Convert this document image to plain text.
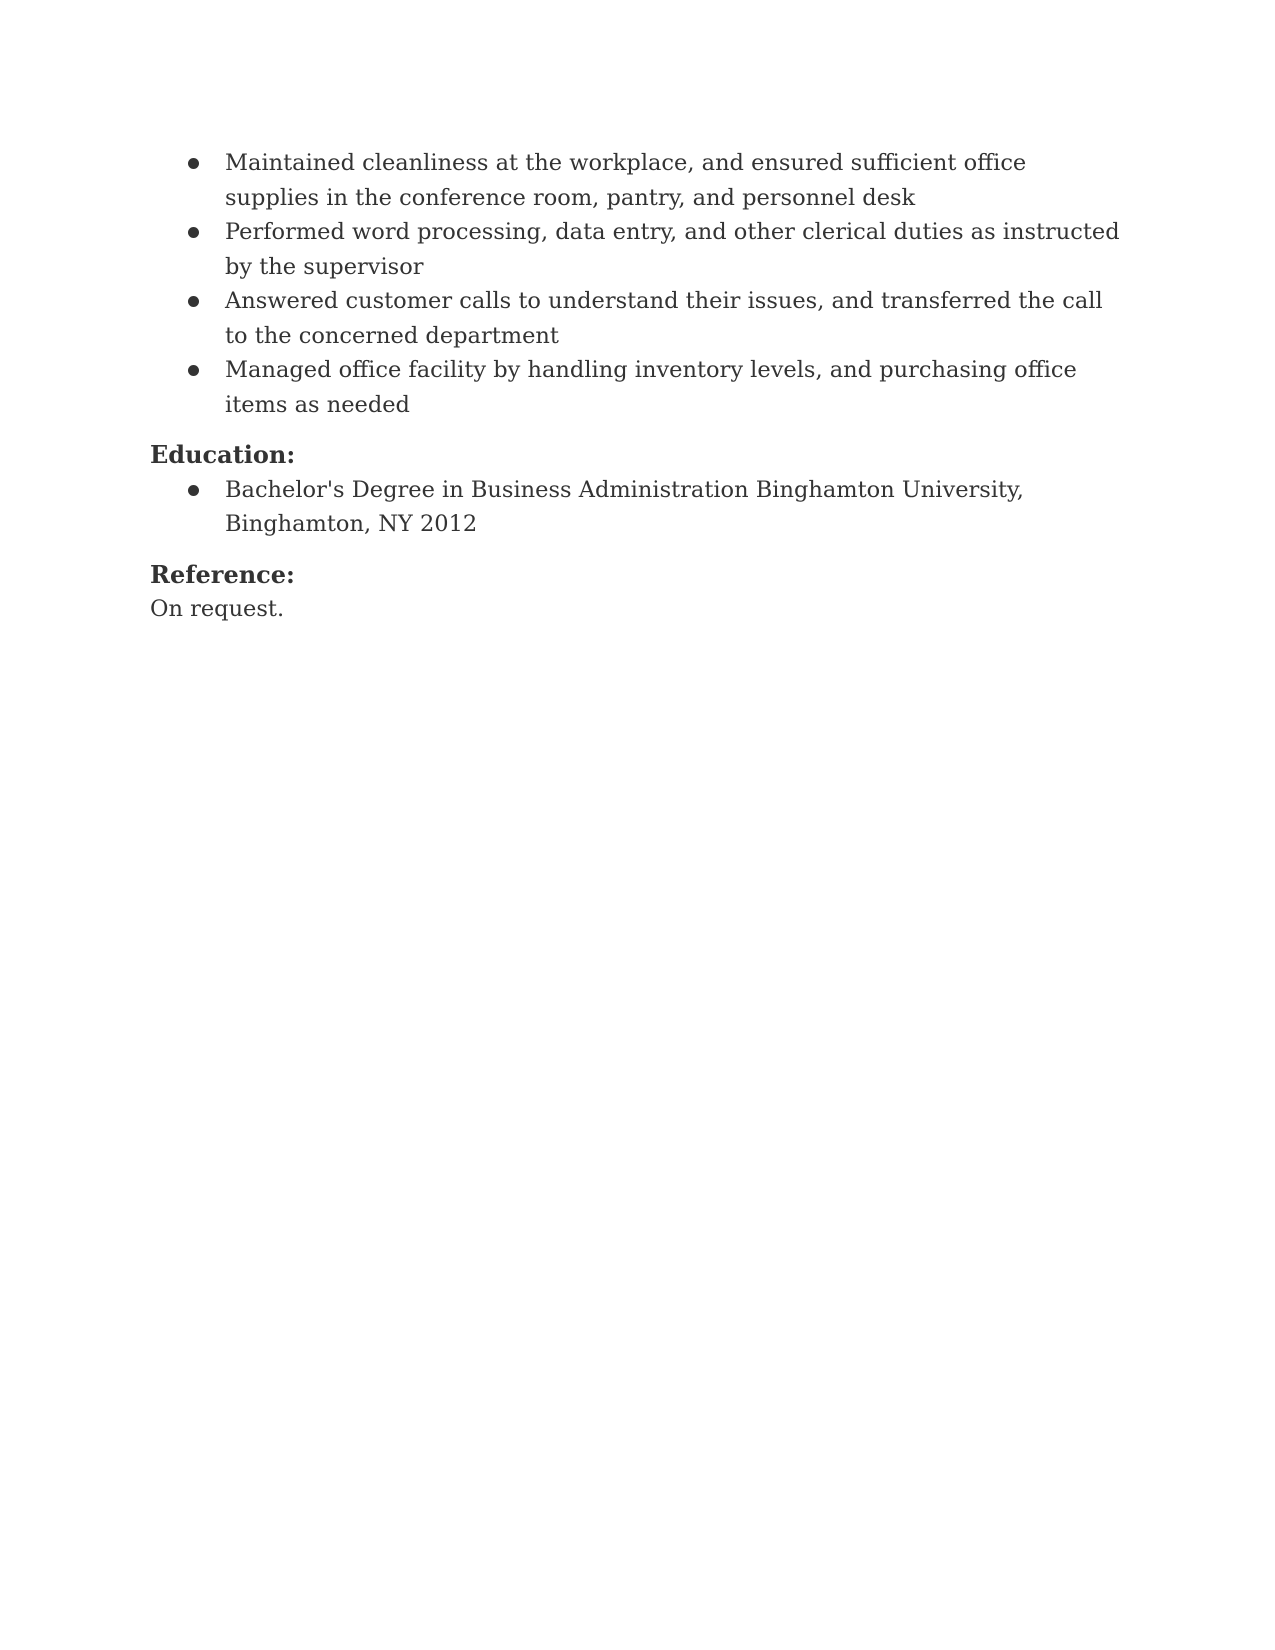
Maintained cleanliness at the workplace, and ensured sufficient office supplies in the conference room, pantry, and personnel desk
Performed word processing, data entry, and other clerical duties as instructed by the supervisor
Answered customer calls to understand their issues, and transferred the call to the concerned department
Managed office facility by handling inventory levels, and purchasing office items as needed
Education:
Bachelor's Degree in Business Administration Binghamton University, Binghamton, NY 2012
Reference:

On request.
